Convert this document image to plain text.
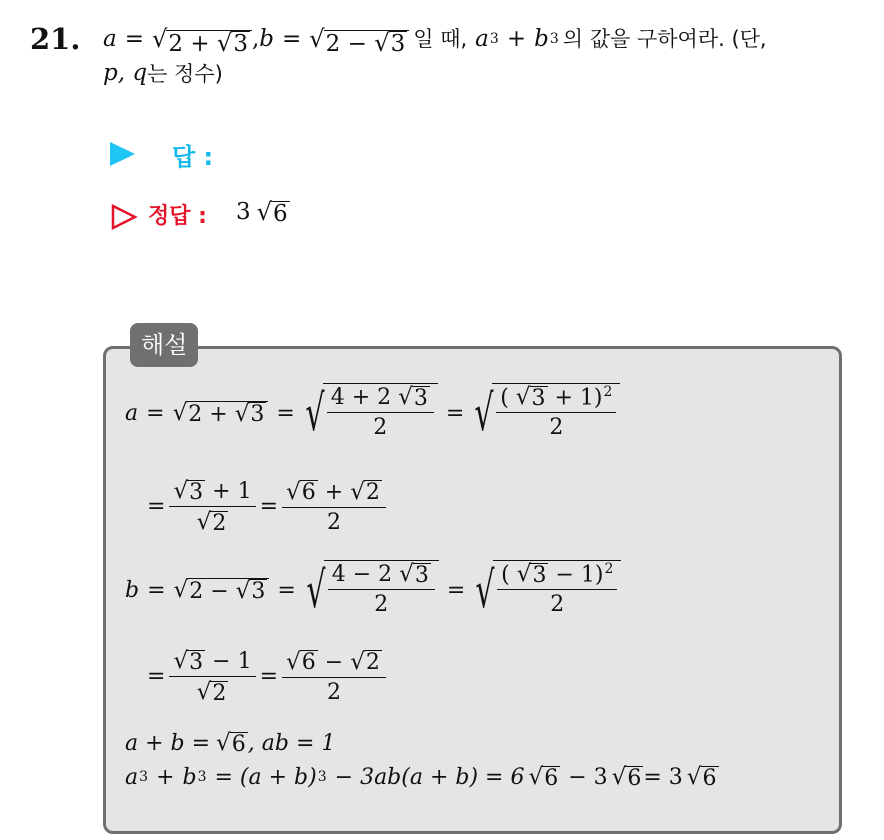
21. a = √ 2 + √ 3 , b = √ 2 − √ 3 일 때, a 3 + b 3 의 값을 구하여라. (단,
p, q 는 정수)
답 :
정답 : 3 √ 6
해설
a = √ 2 + √ 3 = √ $\frac{4 + 2 √ 3}{2}$ = √ $\frac{( √ 3 + 1)^2}{2}$
= $\frac{√ 3 + 1}{√ 2} = \frac{√ 6 + √ 2}{2}$
b = √ 2 − √ 3 = √ $\frac{4 - 2 √ 3}{2}$ = √ $\frac{( √ 3 - 1)^2}{2}$
= $\frac{√ 3 - 1}{√ 2} = \frac{√ 6 - √ 2}{2}$
a + b = √ 6 , ab = 1
a 3 + b 3 = (a + b) 3 − 3ab(a + b) = 6 √ 6 − 3 √ 6 = 3 √ 6
